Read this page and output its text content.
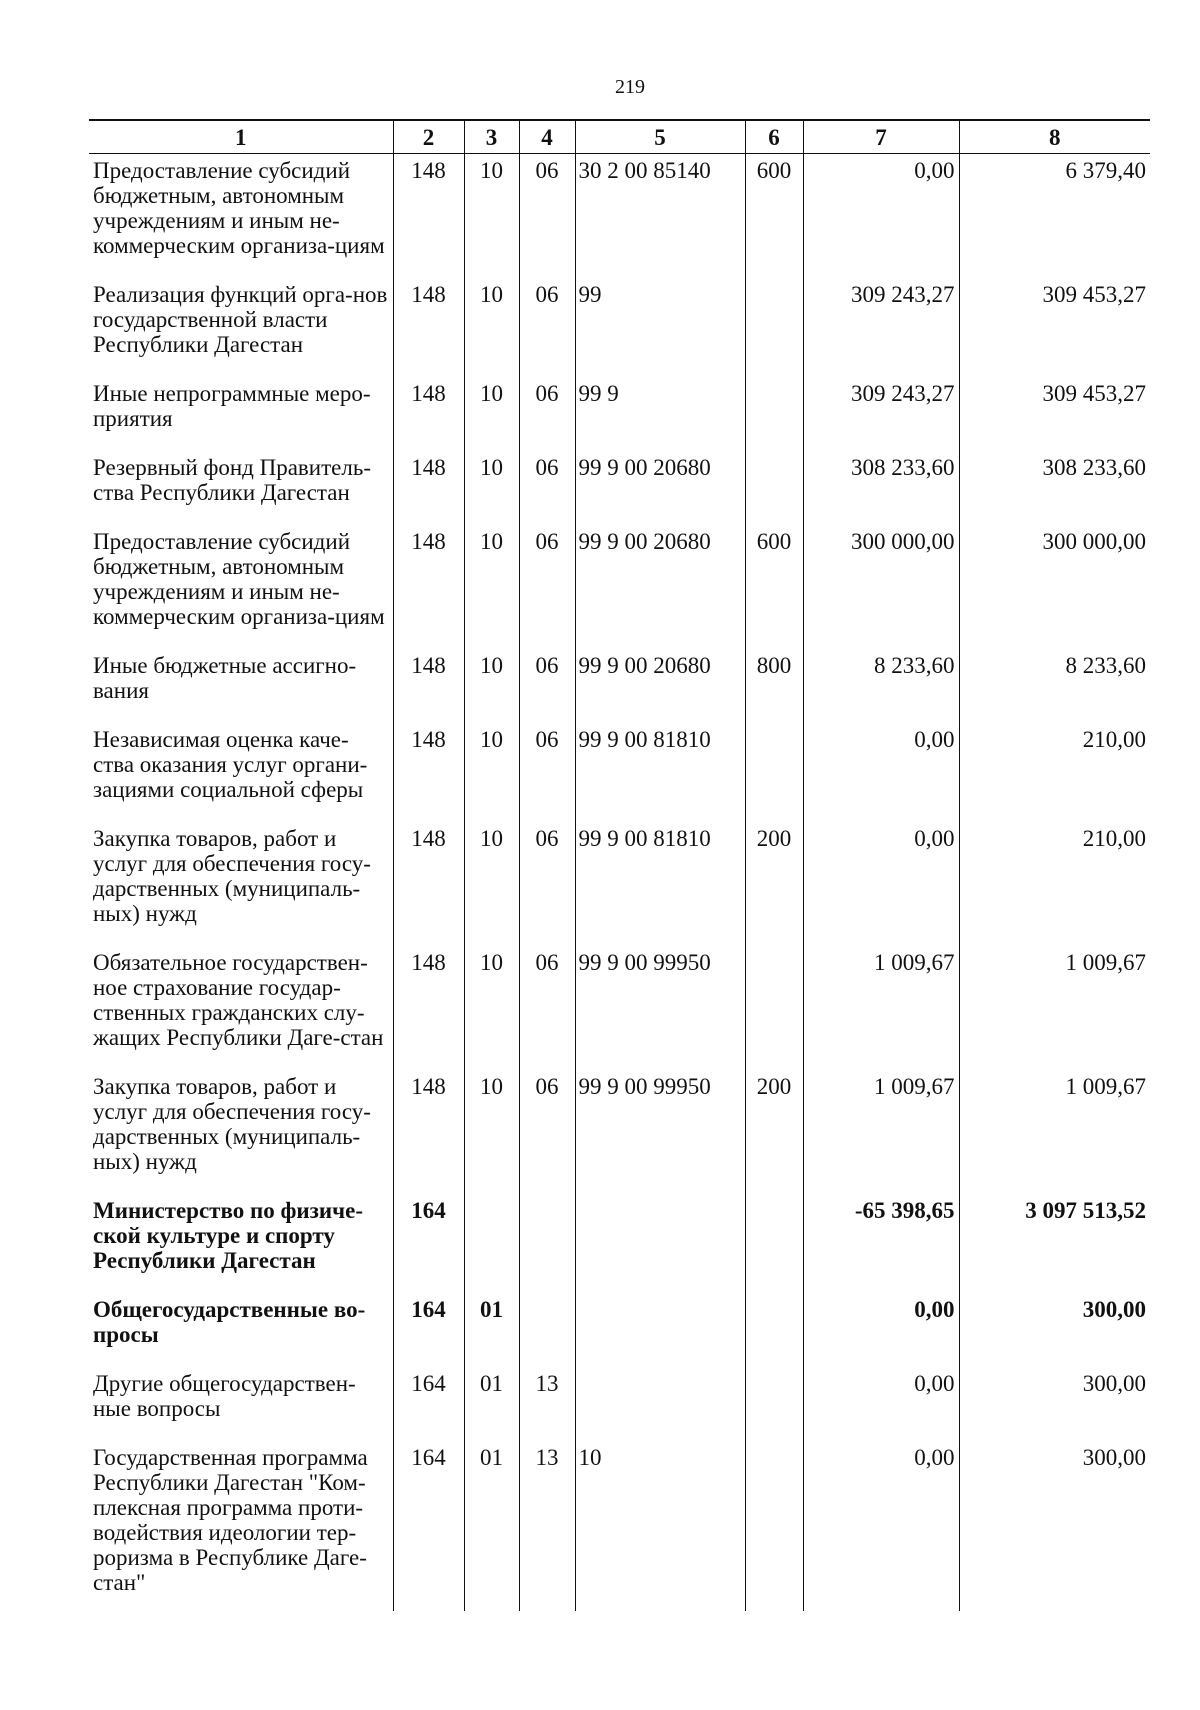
219
1	2	3	4	5	6	7	8
Предоставление субсидий бюджетным, автономным учреждениям и иным не-коммерческим организа-циям	148	10	06	30 2 00 85140	600	0,00	6 379,40
Реализация функций орга-нов государственной власти Республики Дагестан	148	10	06	99		309 243,27	309 453,27
Иные непрограммные меро-приятия	148	10	06	99 9		309 243,27	309 453,27
Резервный фонд Правитель-ства Республики Дагестан	148	10	06	99 9 00 20680		308 233,60	308 233,60
Предоставление субсидий бюджетным, автономным учреждениям и иным не-коммерческим организа-циям	148	10	06	99 9 00 20680	600	300 000,00	300 000,00
Иные бюджетные ассигно-вания	148	10	06	99 9 00 20680	800	8 233,60	8 233,60
Независимая оценка каче-ства оказания услуг органи-зациями социальной сферы	148	10	06	99 9 00 81810		0,00	210,00
Закупка товаров, работ и услуг для обеспечения госу-дарственных (муниципаль-ных) нужд	148	10	06	99 9 00 81810	200	0,00	210,00
Обязательное государствен-ное страхование государ-ственных гражданских слу-жащих Республики Даге-стан	148	10	06	99 9 00 99950		1 009,67	1 009,67
Закупка товаров, работ и услуг для обеспечения госу-дарственных (муниципаль-ных) нужд	148	10	06	99 9 00 99950	200	1 009,67	1 009,67
Министерство по физиче-ской культуре и спорту Республики Дагестан	164					-65 398,65	3 097 513,52
Общегосударственные во-просы	164	01				0,00	300,00
Другие общегосударствен-ные вопросы	164	01	13			0,00	300,00
Государственная программа Республики Дагестан "Ком-плексная программа проти-водействия идеологии тер-роризма в Республике Даге-стан"	164	01	13	10		0,00	300,00
